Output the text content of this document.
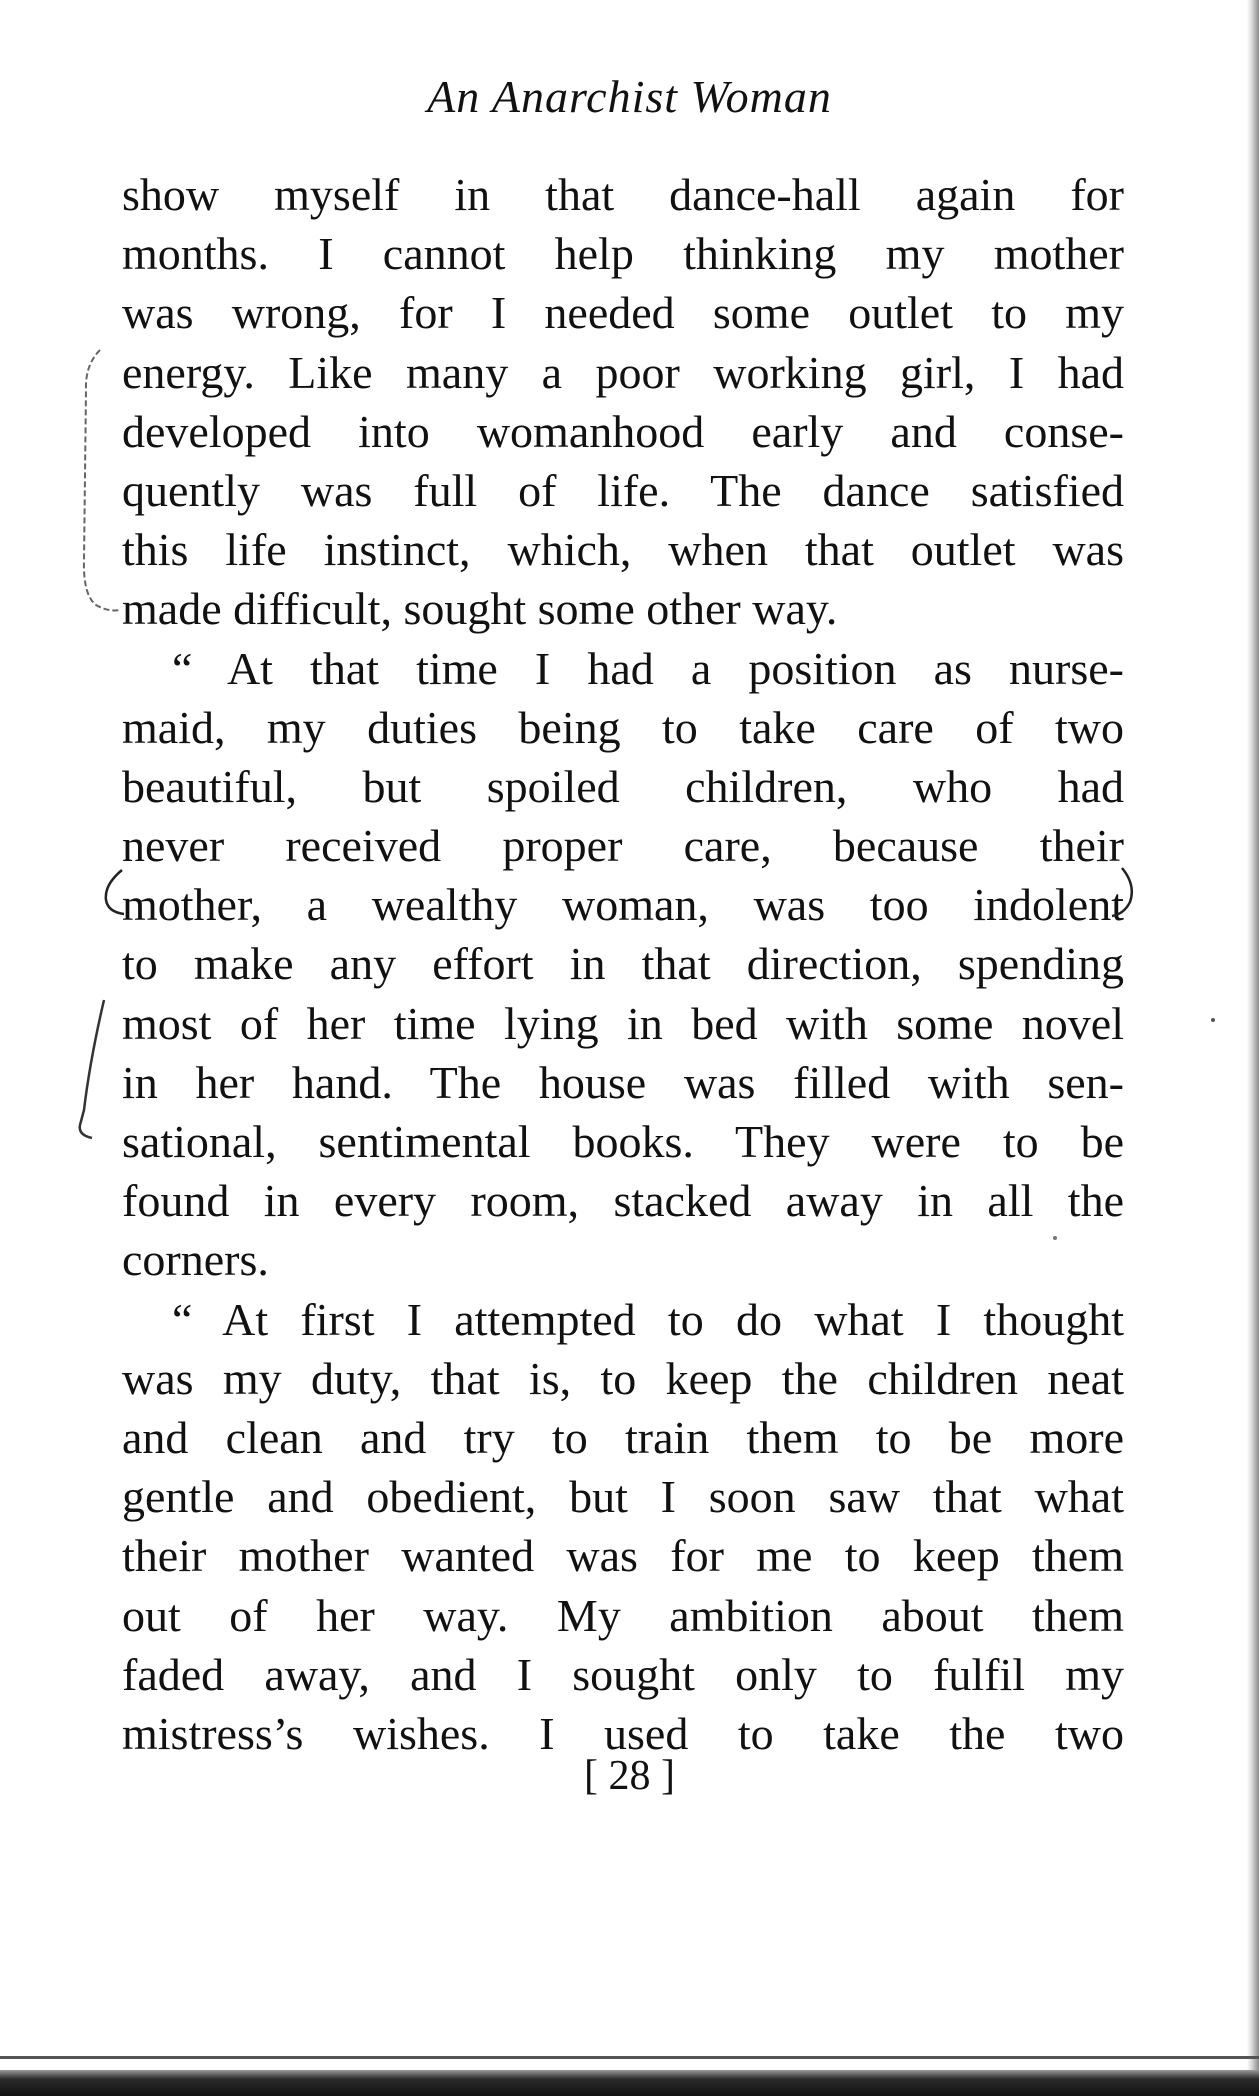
An Anarchist Woman
show myself in that dance-hall again for
months. I cannot help thinking my mother
was wrong, for I needed some outlet to my
energy. Like many a poor working girl, I had
developed into womanhood early and conse-
quently was full of life. The dance satisfied
this life instinct, which, when that outlet was
made difficult, sought some other way.
“ At that time I had a position as nurse-
maid, my duties being to take care of two
beautiful, but spoiled children, who had
never received proper care, because their
mother, a wealthy woman, was too indolent
to make any effort in that direction, spending
most of her time lying in bed with some novel
in her hand. The house was filled with sen-
sational, sentimental books. They were to be
found in every room, stacked away in all the
corners.
“ At first I attempted to do what I thought
was my duty, that is, to keep the children neat
and clean and try to train them to be more
gentle and obedient, but I soon saw that what
their mother wanted was for me to keep them
out of her way. My ambition about them
faded away, and I sought only to fulfil my
mistress’s wishes. I used to take the two
[ 28 ]
